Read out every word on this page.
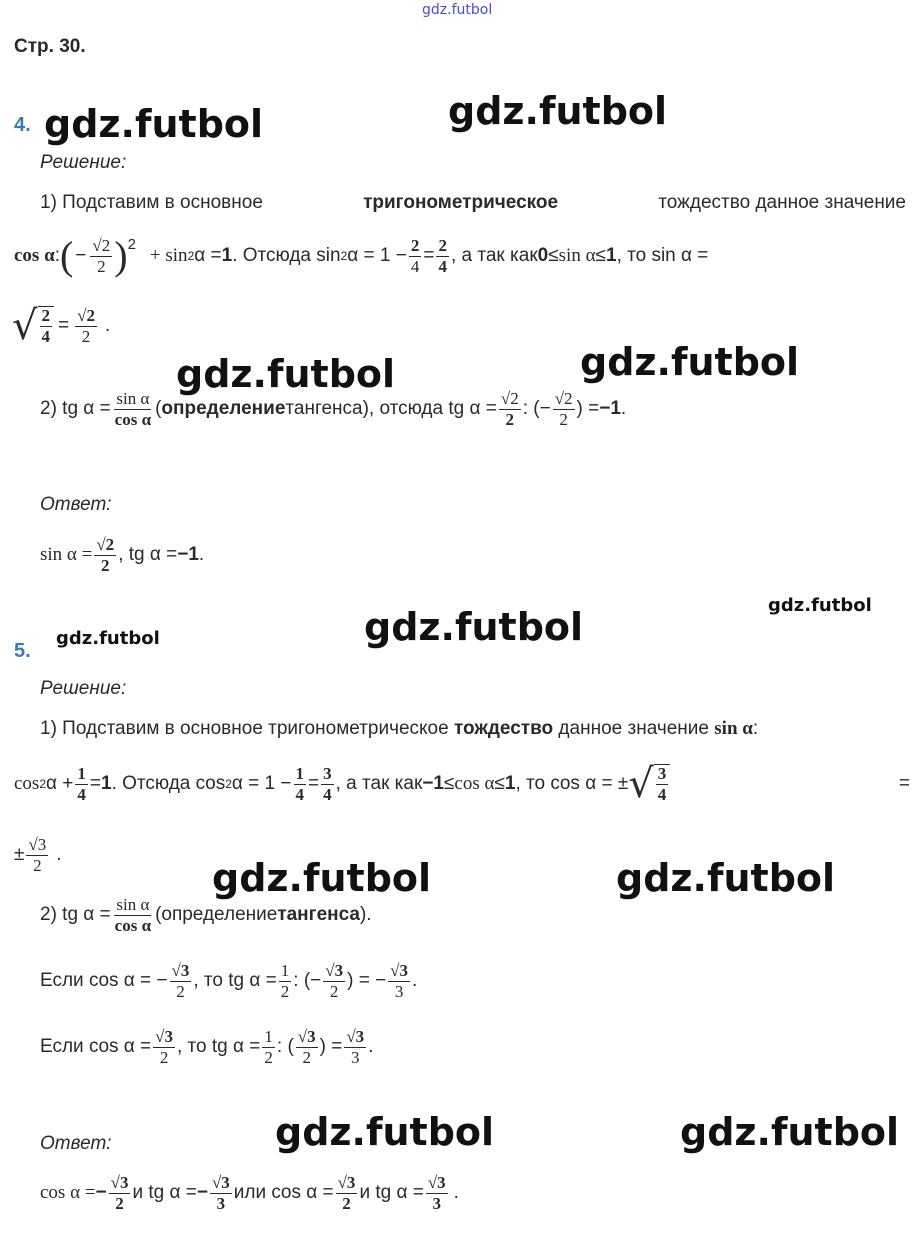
gdz.futbol
gdz.futbol	gdz.futbol
gdz.futbol
gdz.futbol
gdz.futbol
gdz.futbol
gdz.futbol
gdz.futbol	gdz.futbol
gdz.futbol	gdz.futbol
Стр. 30.
4.
Решение:
1) Подставим в основное	тригонометрическое	тождество данное значение
cos α : ( − $\frac{√2}{2} )^2$
+ sin 2 α = 1 . Отсюда sin 2 $\alpha = 1 - \frac{2}{4} = \frac{2}{4}$ , а так как 0 ≤ sin α ≤ 1 , то sin α =
√ $\frac{2}{4} = \frac{√2}{2}$ .
2) tg $\alpha = \frac{\text{sin α}}{\text{cos α}}$ ( определение тангенса), отсюда tg $\alpha = \frac{√2}{2}$ : (− $\frac{√2}{2}$ ) = −1 .
Ответ:
$\sin \alpha = \frac{√2}{2}$ , tg α = −1 .
5.
Решение:
1) Подставим в основное тригонометрическое тождество данное значение sin α:
cos 2 $\alpha + \frac{1}{4} = 1$ . Отсюда cos 2 $\alpha = 1 - \frac{1}{4} = \frac{3}{4}$ , а так как −1 ≤ cos α ≤ 1 , то cos α = ± √ $\frac{3}{4}$	=
± $\frac{√3}{2}$ .
2) tg $\alpha = \frac{\text{sin α}}{\text{cos α}}$ (определение тангенса ).
Если cos α = − $\frac{√3}{2}$ , то tg $\alpha = \frac{1}{2}$ : (− $\frac{√3}{2}$ ) = − $\frac{√3}{3}$ .
Если $\cos \alpha = \frac{√3}{2}$ , то tg $\alpha = \frac{1}{2}$ : ( $\frac{√3}{2}$ ) = $\frac{√3}{3}$ .
Ответ:
cos α = − $\frac{√3}{2}$ и tg α = − $\frac{√3}{3}$ или $\cos \alpha = \frac{√3}{2}$ и tg $\alpha = \frac{√3}{3}$ .
